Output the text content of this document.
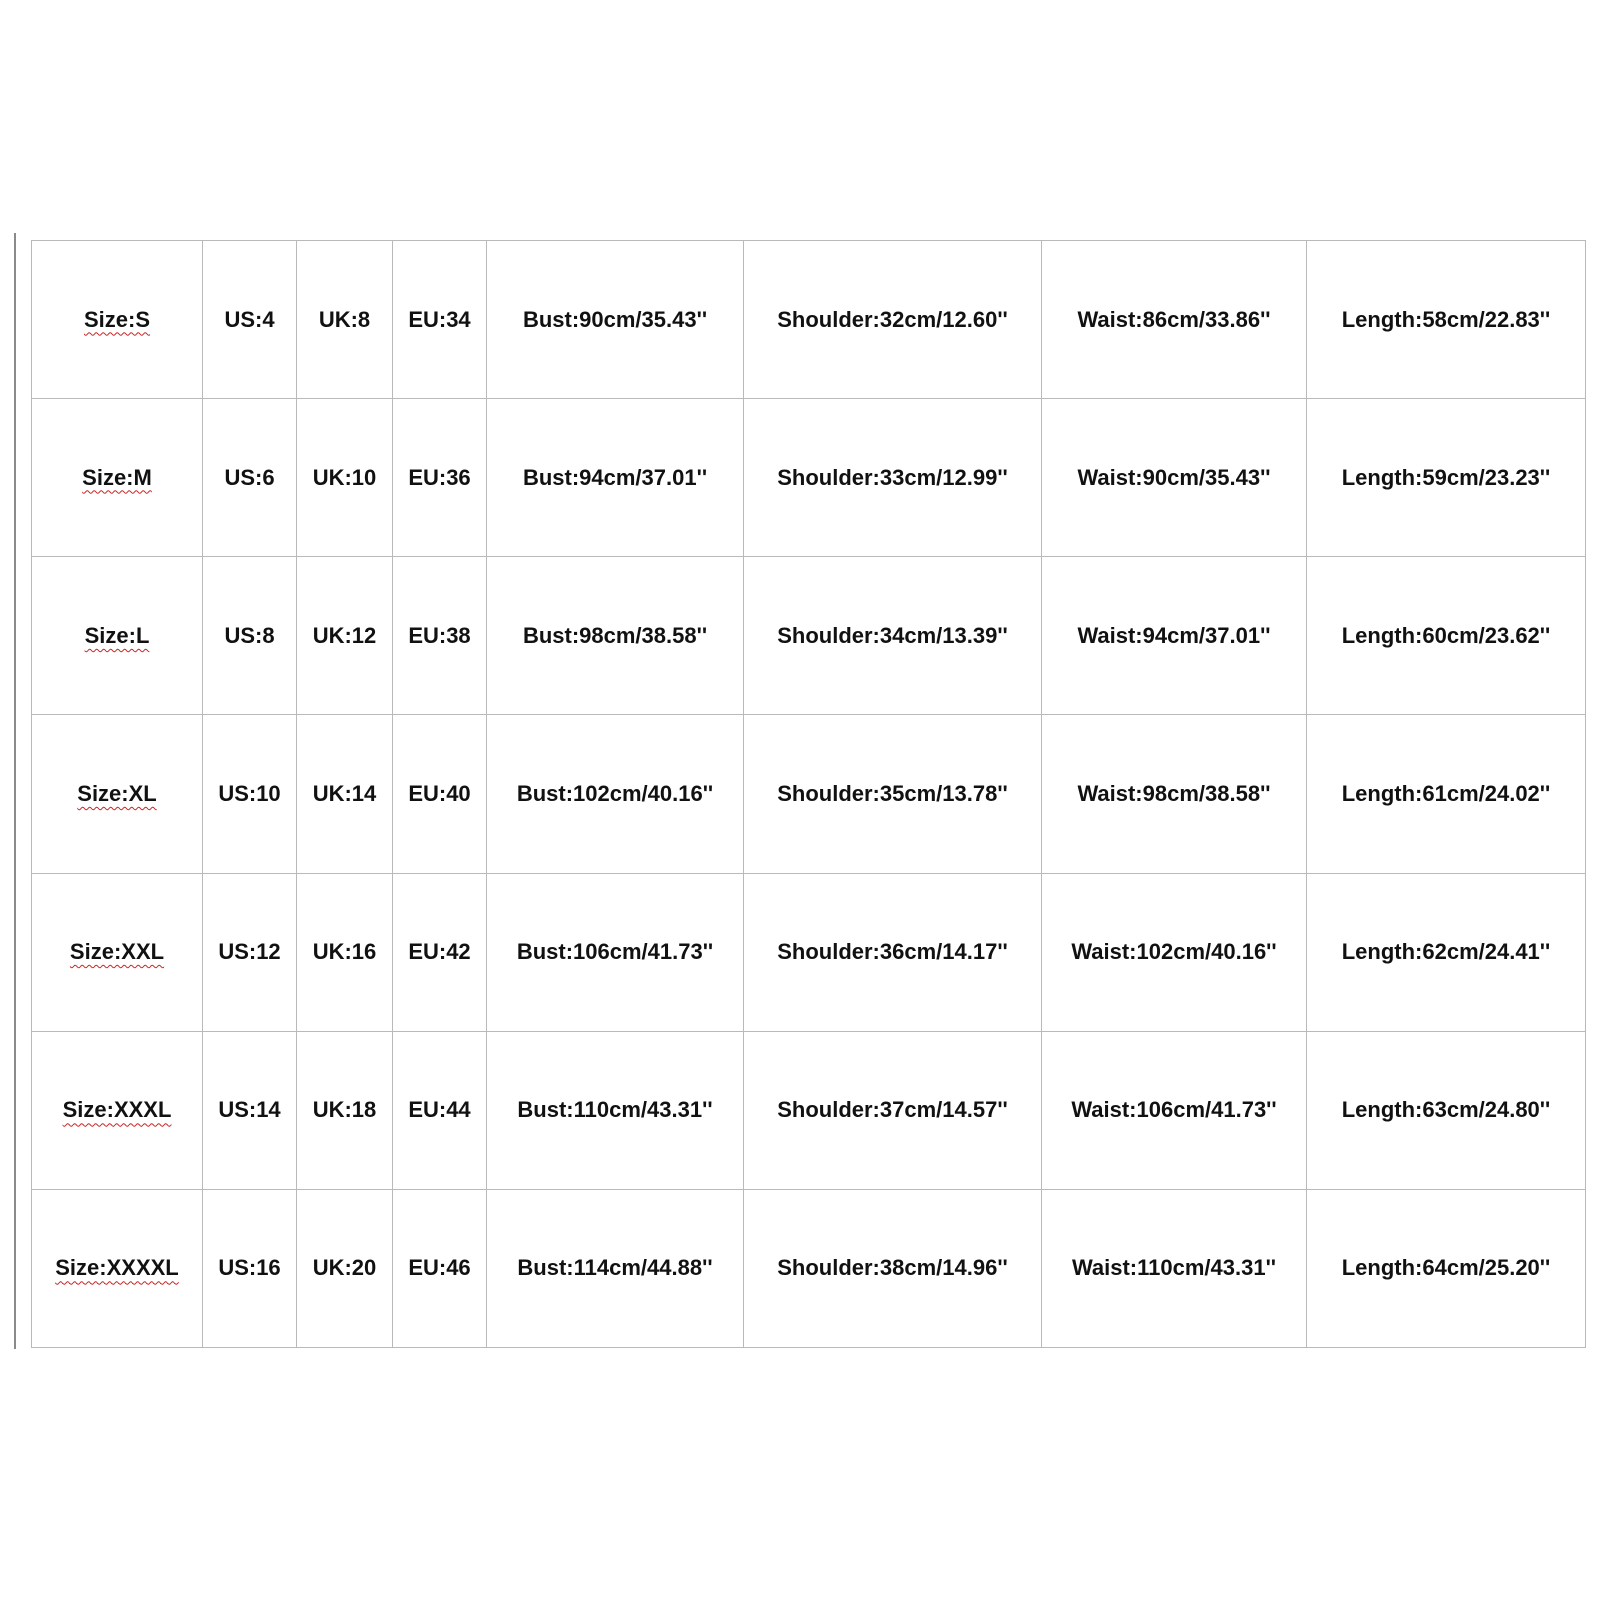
Size:S	US:4	UK:8	EU:34	Bust:90cm/35.43''	Shoulder:32cm/12.60''	Waist:86cm/33.86''	Length:58cm/22.83''
Size:M	US:6	UK:10	EU:36	Bust:94cm/37.01''	Shoulder:33cm/12.99''	Waist:90cm/35.43''	Length:59cm/23.23''
Size:L	US:8	UK:12	EU:38	Bust:98cm/38.58''	Shoulder:34cm/13.39''	Waist:94cm/37.01''	Length:60cm/23.62''
Size:XL	US:10	UK:14	EU:40	Bust:102cm/40.16''	Shoulder:35cm/13.78''	Waist:98cm/38.58''	Length:61cm/24.02''
Size:XXL	US:12	UK:16	EU:42	Bust:106cm/41.73''	Shoulder:36cm/14.17''	Waist:102cm/40.16''	Length:62cm/24.41''
Size:XXXL	US:14	UK:18	EU:44	Bust:110cm/43.31''	Shoulder:37cm/14.57''	Waist:106cm/41.73''	Length:63cm/24.80''
Size:XXXXL	US:16	UK:20	EU:46	Bust:114cm/44.88''	Shoulder:38cm/14.96''	Waist:110cm/43.31''	Length:64cm/25.20''
